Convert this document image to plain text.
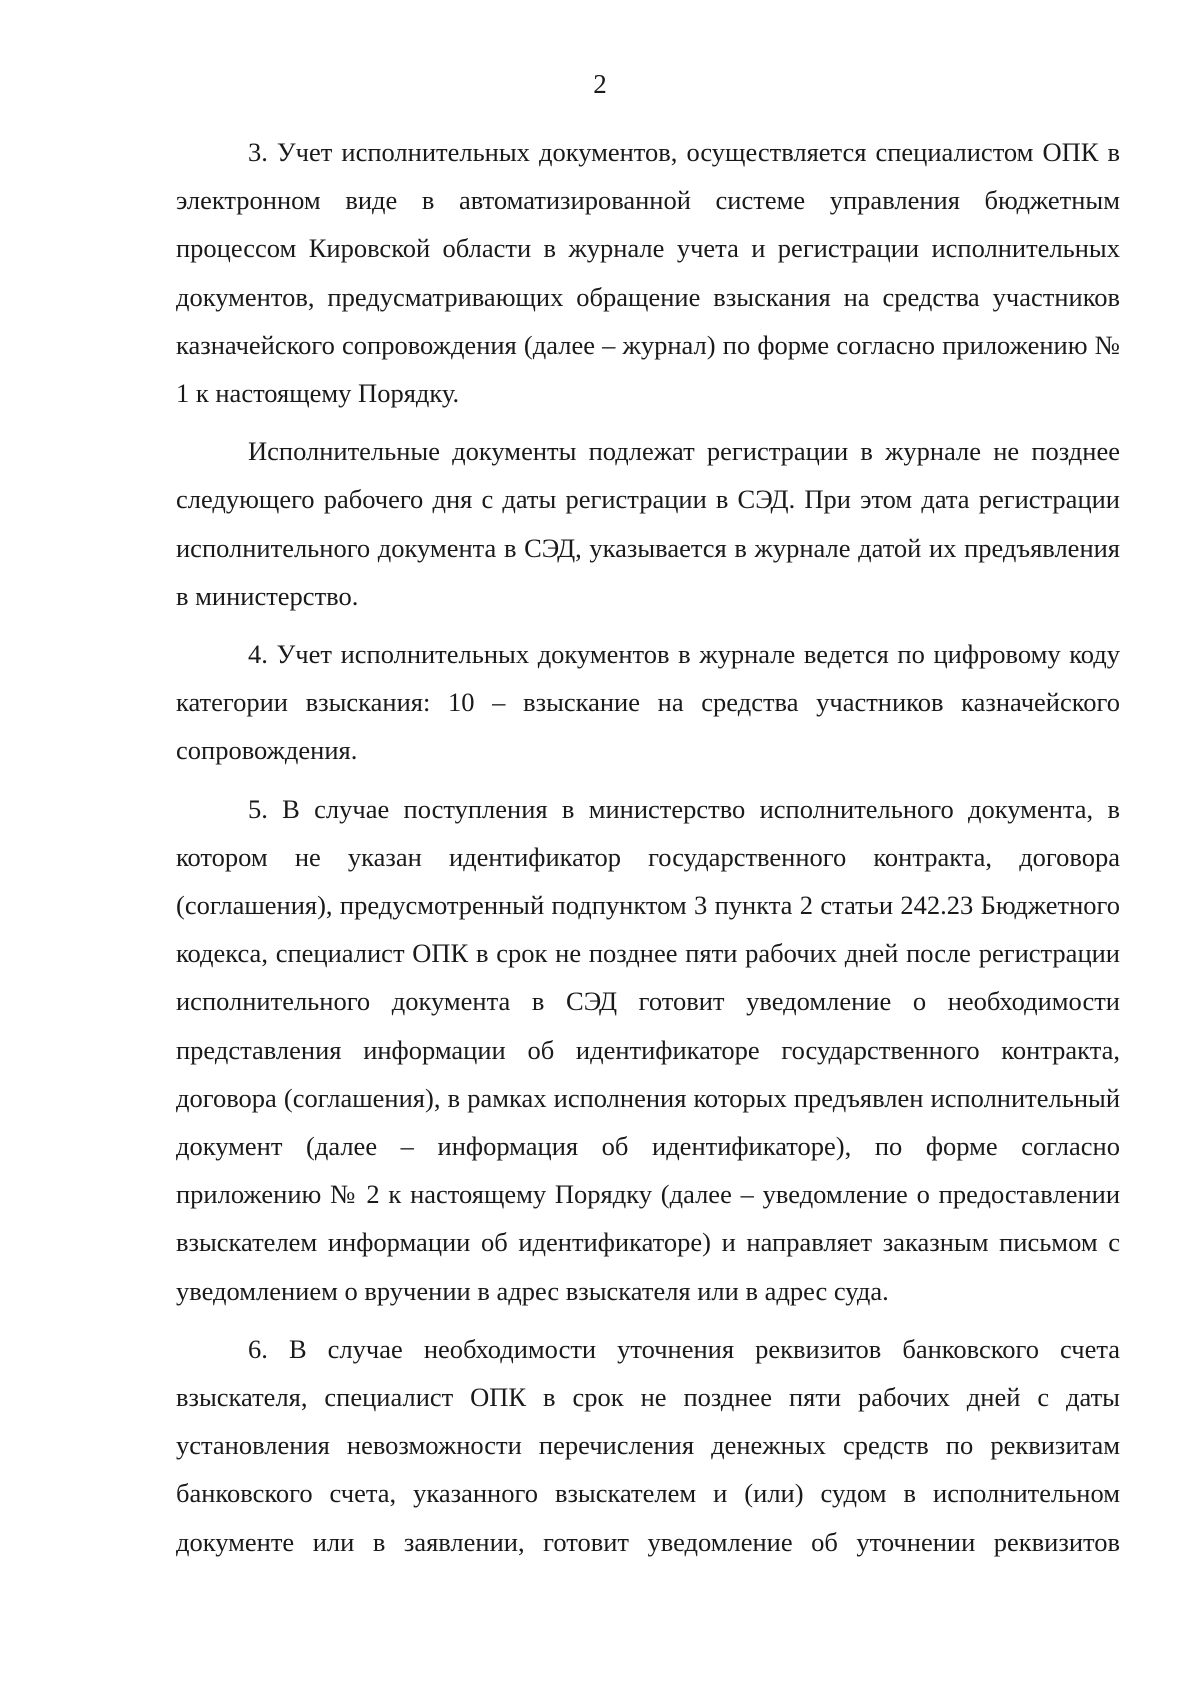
2

3. Учет исполнительных документов, осуществляется специалистом ОПК в электронном виде в автоматизированной системе управления бюджетным процессом Кировской области в журнале учета и регистрации исполнительных документов, предусматривающих обращение взыскания на средства участников казначейского сопровождения (далее – журнал) по форме согласно приложению № 1 к настоящему Порядку.

Исполнительные документы подлежат регистрации в журнале не позднее следующего рабочего дня с даты регистрации в СЭД. При этом дата регистрации исполнительного документа в СЭД, указывается в журнале датой их предъявления в министерство.

4. Учет исполнительных документов в журнале ведется по цифровому коду категории взыскания: 10 – взыскание на средства участников казначейского сопровождения.

5. В случае поступления в министерство исполнительного документа, в котором не указан идентификатор государственного контракта, договора (соглашения), предусмотренный подпунктом 3 пункта 2 статьи 242.23 Бюджетного кодекса, специалист ОПК в срок не позднее пяти рабочих дней после регистрации исполнительного документа в СЭД готовит уведомление о необходимости представления информации об идентификаторе государственного контракта, договора (соглашения), в рамках исполнения которых предъявлен исполнительный документ (далее – информация об идентификаторе), по форме согласно приложению № 2 к настоящему Порядку (далее – уведомление о предоставлении взыскателем информации об идентификаторе) и направляет заказным письмом с уведомлением о вручении в адрес взыскателя или в адрес суда.

6. В случае необходимости уточнения реквизитов банковского счета взыскателя, специалист ОПК в срок не позднее пяти рабочих дней с даты установления невозможности перечисления денежных средств по реквизитам банковского счета, указанного взыскателем и (или) судом в исполнительном документе или в заявлении, готовит уведомление об уточнении реквизитов
